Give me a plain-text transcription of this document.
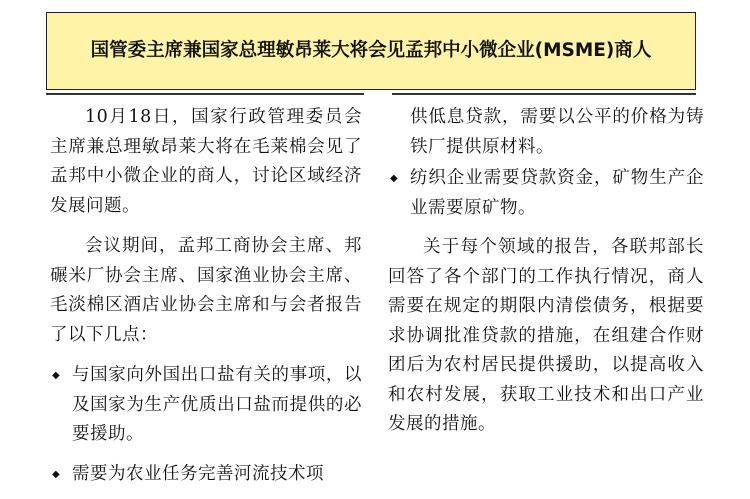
国管委主席兼国家总理敏昂莱大将会见孟邦中小微企业(MSME)商人

10月18日，国家行政管理委员会主席兼总理敏昂莱大将在毛莱棉会见了孟邦中小微企业的商人，讨论区域经济发展问题。

会议期间，孟邦工商协会主席、邦碾米厂协会主席、国家渔业协会主席、毛淡棉区酒店业协会主席和与会者报告了以下几点：

◆ 与国家向外国出口盐有关的事项，以及国家为生产优质出口盐而提供的必要援助。
◆ 需要为农业任务完善河流技术项
供低息贷款，需要以公平的价格为铸铁厂提供原材料。
◆ 纺织企业需要贷款资金，矿物生产企业需要原矿物。

关于每个领域的报告，各联邦部长回答了各个部门的工作执行情况，商人需要在规定的期限内清偿债务，根据要求协调批准贷款的措施，在组建合作财团后为农村居民提供援助，以提高收入和农村发展，获取工业技术和出口产业发展的措施。
